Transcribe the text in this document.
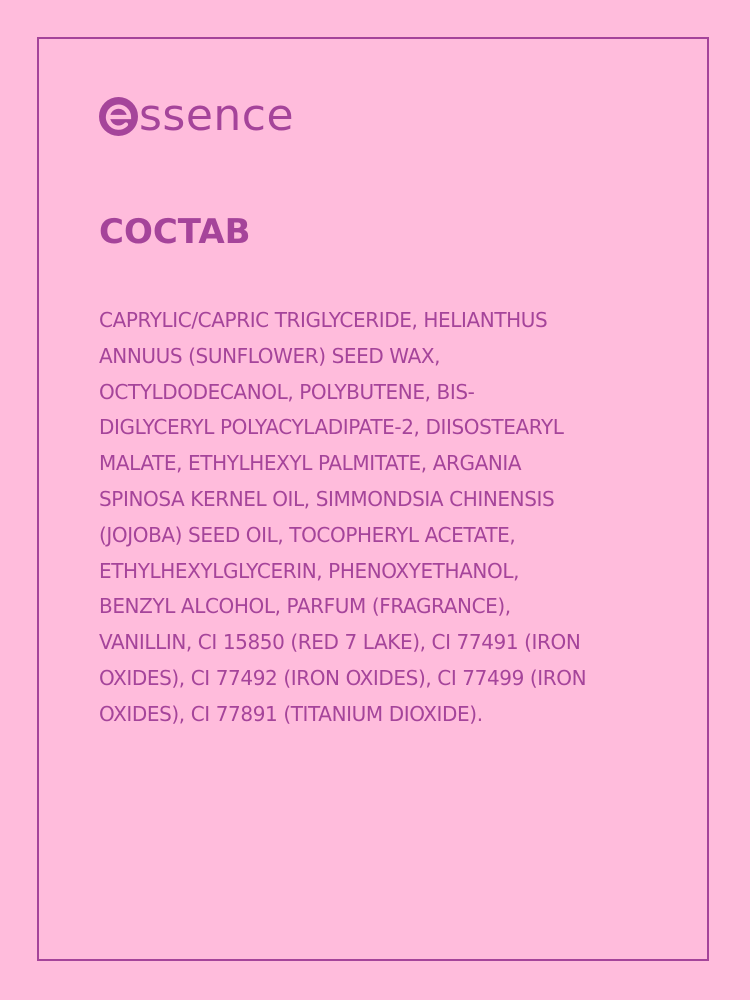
ssence
COCTAB

CAPRYLIC/CAPRIC TRIGLYCERIDE, HELIANTHUS
ANNUUS (SUNFLOWER) SEED WAX,
OCTYLDODECANOL, POLYBUTENE, BIS-
DIGLYCERYL POLYACYLADIPATE-2, DIISOSTEARYL
MALATE, ETHYLHEXYL PALMITATE, ARGANIA
SPINOSA KERNEL OIL, SIMMONDSIA CHINENSIS
(JOJOBA) SEED OIL, TOCOPHERYL ACETATE,
ETHYLHEXYLGLYCERIN, PHENOXYETHANOL,
BENZYL ALCOHOL, PARFUM (FRAGRANCE),
VANILLIN, CI 15850 (RED 7 LAKE), CI 77491 (IRON
OXIDES), CI 77492 (IRON OXIDES), CI 77499 (IRON
OXIDES), CI 77891 (TITANIUM DIOXIDE).
